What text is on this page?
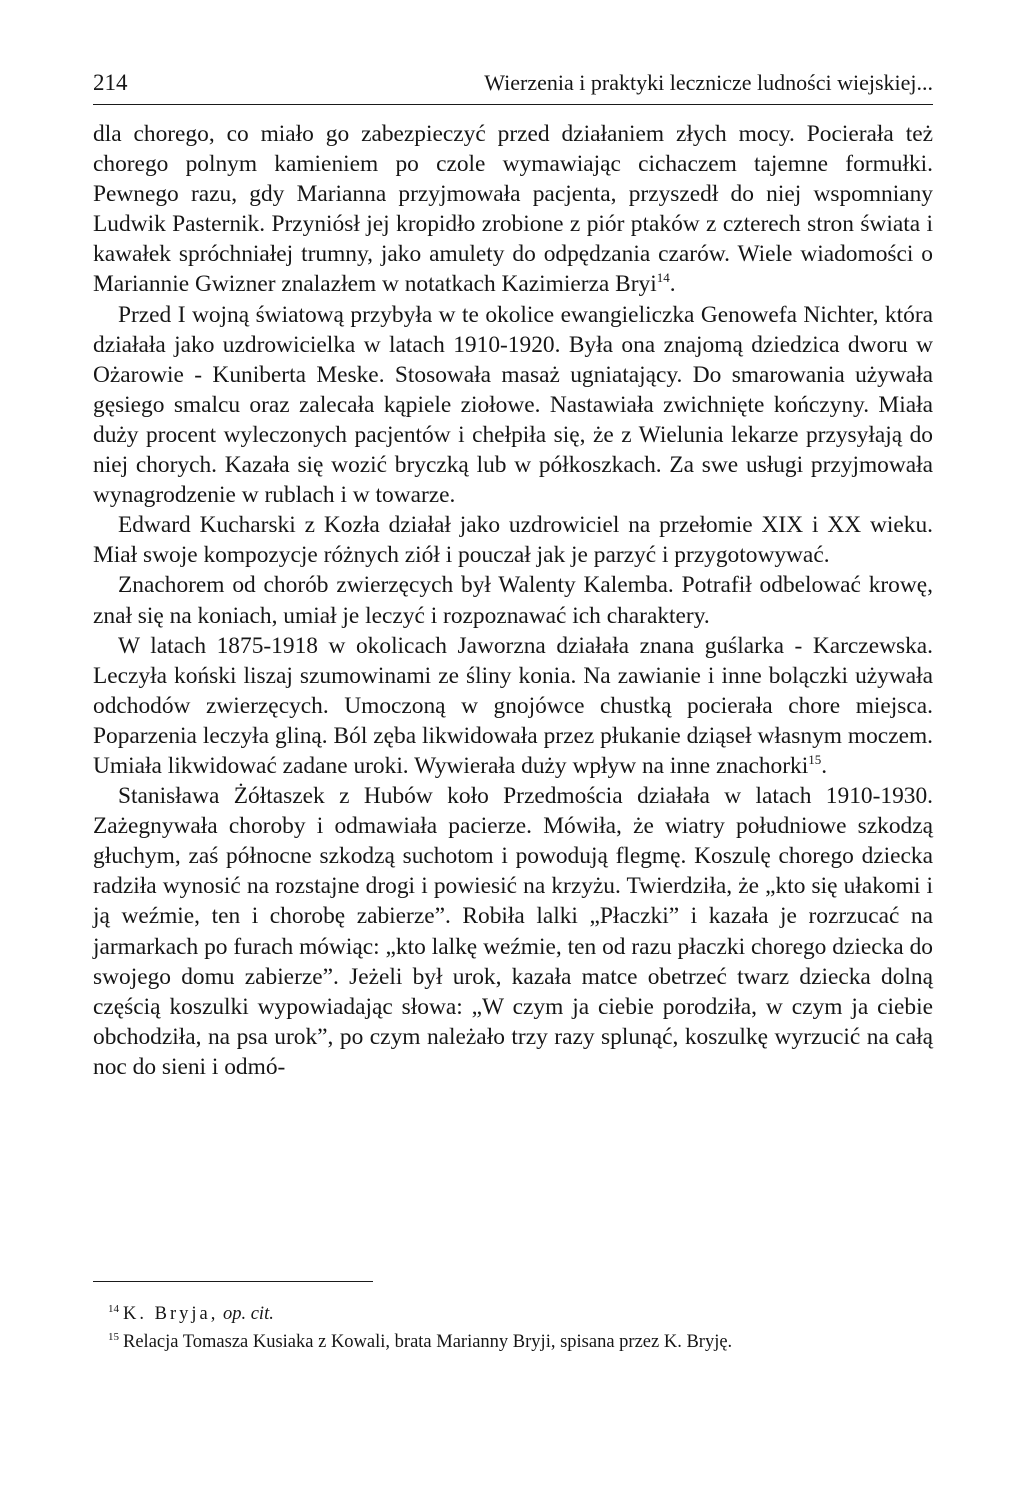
214	Wierzenia i praktyki lecznicze ludności wiejskiej...

dla chorego, co miało go zabezpieczyć przed działaniem złych mocy. Pocierała też chorego polnym kamieniem po czole wymawiając cichaczem tajemne formułki. Pewnego razu, gdy Marianna przyjmowała pacjenta, przyszedł do niej wspomniany Ludwik Pasternik. Przyniósł jej kropidło zrobione z piór ptaków z czterech stron świata i kawałek spróchniałej trumny, jako amulety do odpędzania czarów. Wiele wiadomości o Mariannie Gwizner znalazłem w notatkach Kazimierza Bryi$^{14}$.

Przed I wojną światową przybyła w te okolice ewangieliczka Genowefa Nichter, która działała jako uzdrowicielka w latach 1910-1920. Była ona znajomą dziedzica dworu w Ożarowie - Kuniberta Meske. Stosowała masaż ugniatający. Do smarowania używała gęsiego smalcu oraz zalecała kąpiele ziołowe. Nastawiała zwichnięte kończyny. Miała duży procent wyleczonych pacjentów i chełpiła się, że z Wielunia lekarze przysyłają do niej chorych. Kazała się wozić bryczką lub w półkoszkach. Za swe usługi przyjmowała wynagrodzenie w rublach i w towarze.

Edward Kucharski z Kozła działał jako uzdrowiciel na przełomie XIX i XX wieku. Miał swoje kompozycje różnych ziół i pouczał jak je parzyć i przygotowywać.

Znachorem od chorób zwierzęcych był Walenty Kalemba. Potrafił odbelować krowę, znał się na koniach, umiał je leczyć i rozpoznawać ich charaktery.

W latach 1875-1918 w okolicach Jaworzna działała znana guślarka - Karczewska. Leczyła koński liszaj szumowinami ze śliny konia. Na zawianie i inne bolączki używała odchodów zwierzęcych. Umoczoną w gnojówce chustką pocierała chore miejsca. Poparzenia leczyła gliną. Ból zęba likwidowała przez płukanie dziąseł własnym moczem. Umiała likwidować zadane uroki. Wywierała duży wpływ na inne znachorki$^{15}$.

Stanisława Żółtaszek z Hubów koło Przedmościa działała w latach 1910-1930. Zażegnywała choroby i odmawiała pacierze. Mówiła, że wiatry południowe szkodzą głuchym, zaś północne szkodzą suchotom i powodują flegmę. Koszulę chorego dziecka radziła wynosić na rozstajne drogi i powiesić na krzyżu. Twierdziła, że „kto się ułakomi i ją weźmie, ten i chorobę zabierze”. Robiła lalki „Płaczki” i kazała je rozrzucać na jarmarkach po furach mówiąc: „kto lalkę weźmie, ten od razu płaczki chorego dziecka do swojego domu zabierze”. Jeżeli był urok, kazała matce obetrzeć twarz dziecka dolną częścią koszulki wypowiadając słowa: „W czym ja ciebie porodziła, w czym ja ciebie obchodziła, na psa urok”, po czym należało trzy razy splunąć, koszulkę wyrzucić na całą noc do sieni i odmó-

$^{14}$ K. Bryja, op. cit.
$^{15}$ Relacja Tomasza Kusiaka z Kowali, brata Marianny Bryji, spisana przez K. Bryję.
